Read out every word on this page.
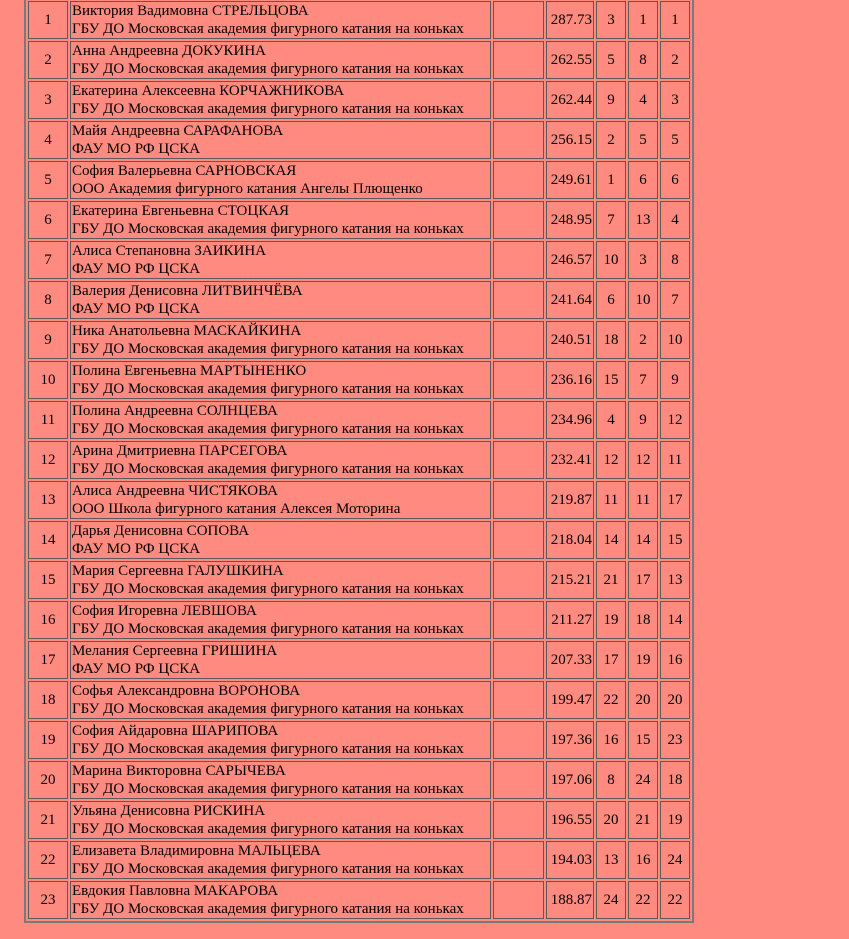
1	Виктория Вадимовна СТРЕЛЬЦОВА
ГБУ ДО Московская академия фигурного катания на коньках		287.73	3	1	1
2	Анна Андреевна ДОКУКИНА
ГБУ ДО Московская академия фигурного катания на коньках		262.55	5	8	2
3	Екатерина Алексеевна КОРЧАЖНИКОВА
ГБУ ДО Московская академия фигурного катания на коньках		262.44	9	4	3
4	Майя Андреевна САРАФАНОВА
ФАУ МО РФ ЦСКА		256.15	2	5	5
5	София Валерьевна САРНОВСКАЯ
ООО Академия фигурного катания Ангелы Плющенко		249.61	1	6	6
6	Екатерина Евгеньевна СТОЦКАЯ
ГБУ ДО Московская академия фигурного катания на коньках		248.95	7	13	4
7	Алиса Степановна ЗАИКИНА
ФАУ МО РФ ЦСКА		246.57	10	3	8
8	Валерия Денисовна ЛИТВИНЧЁВА
ФАУ МО РФ ЦСКА		241.64	6	10	7
9	Ника Анатольевна МАСКАЙКИНА
ГБУ ДО Московская академия фигурного катания на коньках		240.51	18	2	10
10	Полина Евгеньевна МАРТЫНЕНКО
ГБУ ДО Московская академия фигурного катания на коньках		236.16	15	7	9
11	Полина Андреевна СОЛНЦЕВА
ГБУ ДО Московская академия фигурного катания на коньках		234.96	4	9	12
12	Арина Дмитриевна ПАРСЕГОВА
ГБУ ДО Московская академия фигурного катания на коньках		232.41	12	12	11
13	Алиса Андреевна ЧИСТЯКОВА
ООО Школа фигурного катания Алексея Моторина		219.87	11	11	17
14	Дарья Денисовна СОПОВА
ФАУ МО РФ ЦСКА		218.04	14	14	15
15	Мария Сергеевна ГАЛУШКИНА
ГБУ ДО Московская академия фигурного катания на коньках		215.21	21	17	13
16	София Игоревна ЛЕВШОВА
ГБУ ДО Московская академия фигурного катания на коньках		211.27	19	18	14
17	Мелания Сергеевна ГРИШИНА
ФАУ МО РФ ЦСКА		207.33	17	19	16
18	Софья Александровна ВОРОНОВА
ГБУ ДО Московская академия фигурного катания на коньках		199.47	22	20	20
19	София Айдаровна ШАРИПОВА
ГБУ ДО Московская академия фигурного катания на коньках		197.36	16	15	23
20	Марина Викторовна САРЫЧЕВА
ГБУ ДО Московская академия фигурного катания на коньках		197.06	8	24	18
21	Ульяна Денисовна РИСКИНА
ГБУ ДО Московская академия фигурного катания на коньках		196.55	20	21	19
22	Елизавета Владимировна МАЛЬЦЕВА
ГБУ ДО Московская академия фигурного катания на коньках		194.03	13	16	24
23	Евдокия Павловна МАКАРОВА
ГБУ ДО Московская академия фигурного катания на коньках		188.87	24	22	22
